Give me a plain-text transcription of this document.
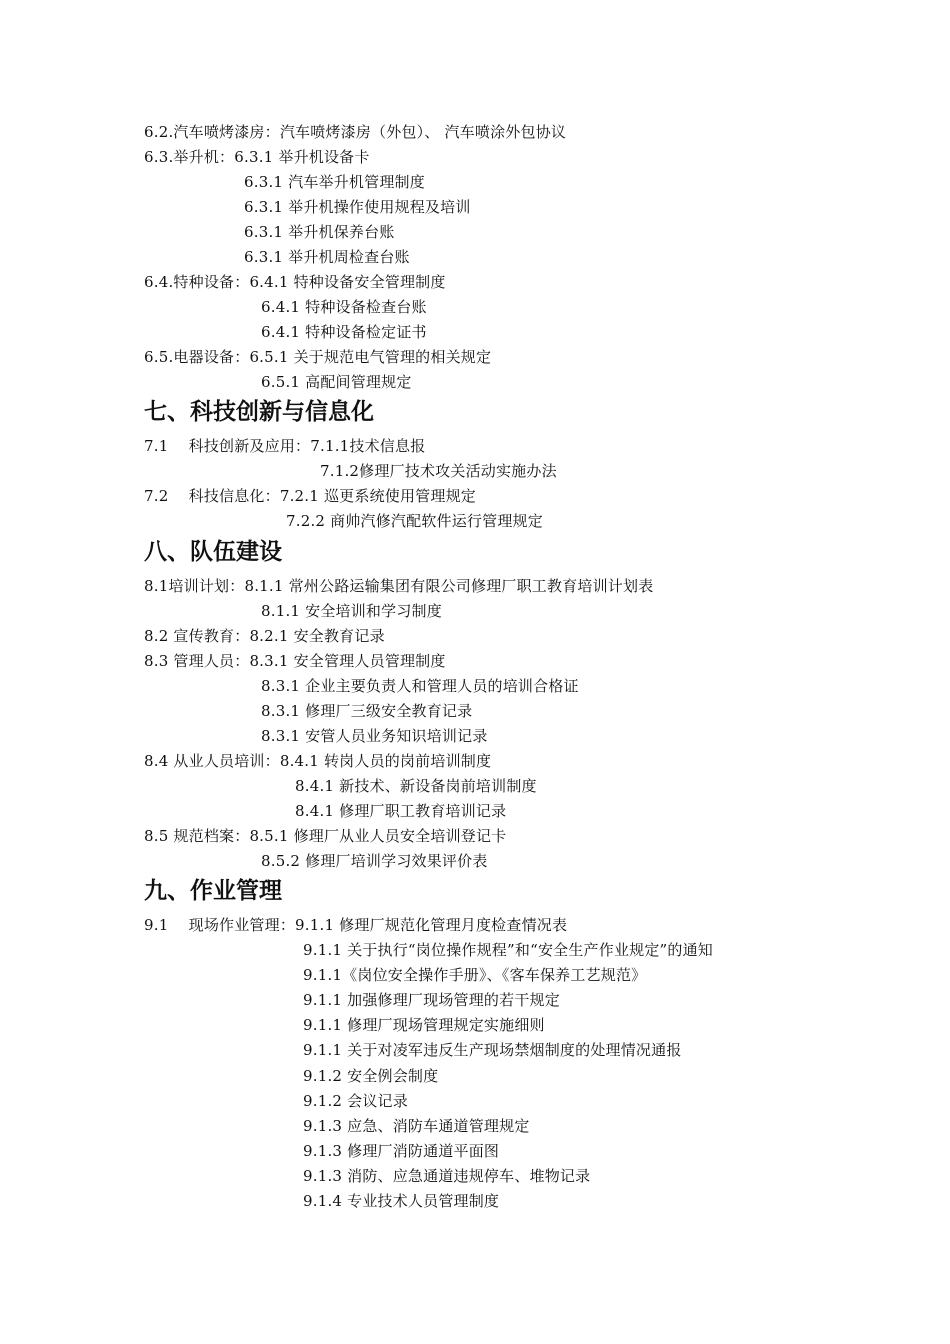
6.2.汽车喷烤漆房：汽车喷烤漆房（外包）、 汽车喷涂外包协议
6.3.举升机：6.3.1 举升机设备卡
6.3.1 汽车举升机管理制度
6.3.1 举升机操作使用规程及培训
6.3.1 举升机保养台账
6.3.1 举升机周检查台账
6.4.特种设备：6.4.1 特种设备安全管理制度
6.4.1 特种设备检查台账
6.4.1 特种设备检定证书
6.5.电器设备：6.5.1 关于规范电气管理的相关规定
6.5.1 高配间管理规定
七、科技创新与信息化
7.1　 科技创新及应用：7.1.1技术信息报
7.1.2修理厂技术攻关活动实施办法
7.2　 科技信息化：7.2.1 巡更系统使用管理规定
7.2.2 商帅汽修汽配软件运行管理规定
八、队伍建设
8.1培训计划：8.1.1 常州公路运输集团有限公司修理厂职工教育培训计划表
8.1.1 安全培训和学习制度
8.2 宣传教育：8.2.1 安全教育记录
8.3 管理人员：8.3.1 安全管理人员管理制度
8.3.1 企业主要负责人和管理人员的培训合格证
8.3.1 修理厂三级安全教育记录
8.3.1 安管人员业务知识培训记录
8.4 从业人员培训：8.4.1 转岗人员的岗前培训制度
8.4.1 新技术、新设备岗前培训制度
8.4.1 修理厂职工教育培训记录
8.5 规范档案：8.5.1 修理厂从业人员安全培训登记卡
8.5.2 修理厂培训学习效果评价表
九、作业管理
9.1　 现场作业管理：9.1.1 修理厂规范化管理月度检查情况表
9.1.1 关于执行“岗位操作规程”和“安全生产作业规定”的通知
9.1.1《岗位安全操作手册》、《客车保养工艺规范》
9.1.1 加强修理厂现场管理的若干规定
9.1.1 修理厂现场管理规定实施细则
9.1.1 关于对凌军违反生产现场禁烟制度的处理情况通报
9.1.2 安全例会制度
9.1.2 会议记录
9.1.3 应急、消防车通道管理规定
9.1.3 修理厂消防通道平面图
9.1.3 消防、应急通道违规停车、堆物记录
9.1.4 专业技术人员管理制度
